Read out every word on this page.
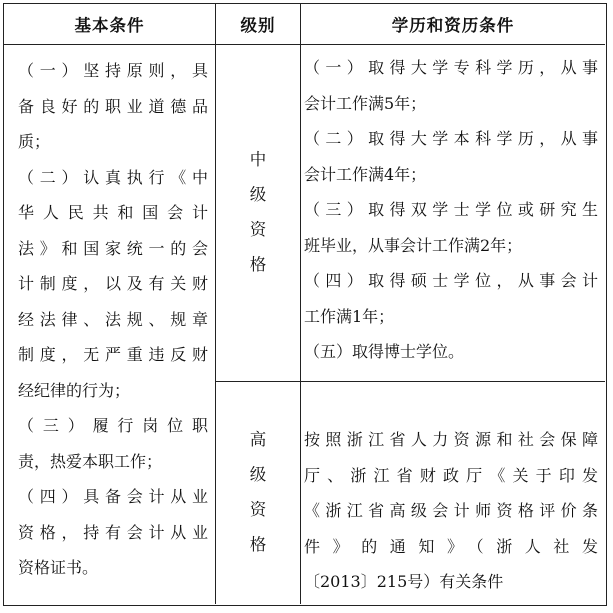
基本条件	级别	学历和资历条件
（一）坚持原则，具
备良好的职业道德品
质；
（二）认真执行《中
华人民共和国会计
法》和国家统一的会
计制度，以及有关财
经法律、法规、规章
制度，无严重违反财
经纪律的行为；
（三）履行岗位职
责，热爱本职工作；
（四）具备会计从业
资格，持有会计从业
资格证书。
中
级
资
格
高
级
资
格
（一）取得大学专科学历，从事
会计工作满5年；
（二）取得大学本科学历，从事
会计工作满4年；
（三）取得双学士学位或研究生
班毕业，从事会计工作满2年；
（四）取得硕士学位，从事会计
工作满1年；
（五）取得博士学位。
按照浙江省人力资源和社会保障
厅、浙江省财政厅《关于印发
《浙江省高级会计师资格评价条
件》的通知》（浙人社发
〔2013〕215号）有关条件
